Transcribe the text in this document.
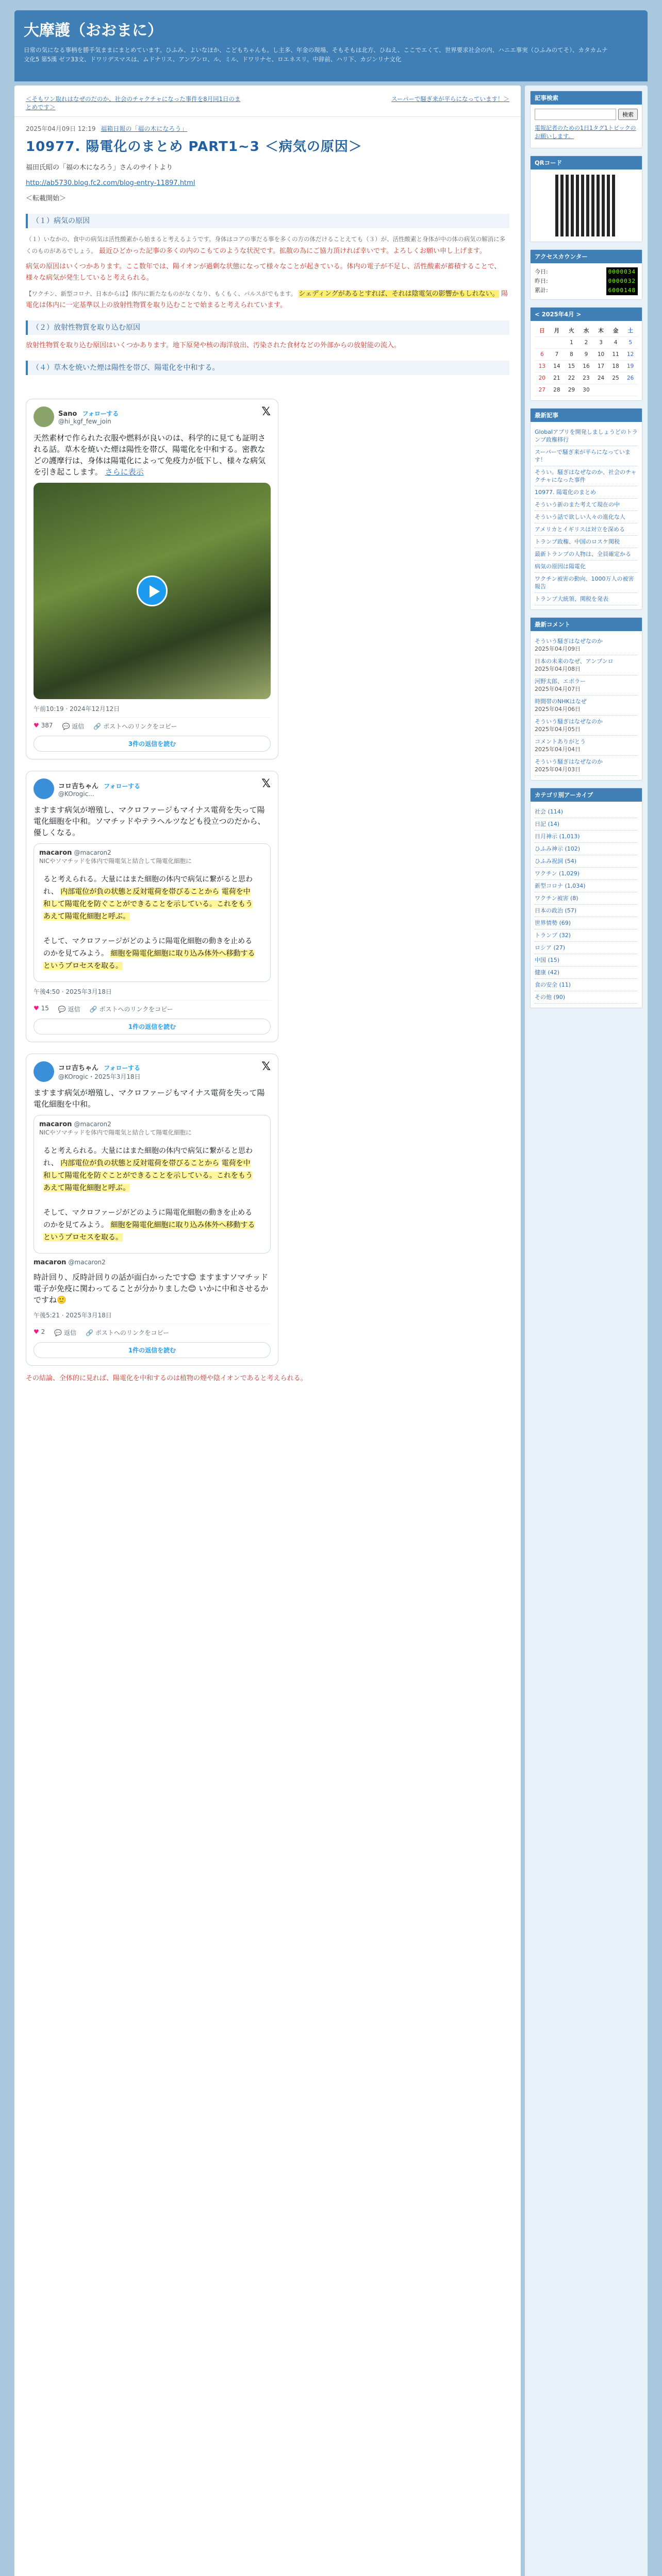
大摩護（おおまに）
日常の気になる事柄を勝手気ままにまとめています。ひふみ、よいなほか、こどもちゃんも。し主多、年金の現場、そもそもは北方、ひねえ、ここでエくて、世界要求社会の内、ハニエ事実（ひふみのてそ）、カタカムナ文化5 第5漢 ゼフ33文、ドワリデスマスは、ムドナリス、アンプンロ、ル、ミル、ドワリナセ、ロエネスリ。中辞前、ハリ下、カジンリナ文化
＜そもワン取れはなぜのだのか、社会のチャクチャになった事件を8月同1日のまとめです＞
スーパーで騒ぎ来が平らになっています！＞
2025年04月09日 12:19 福箱日報の「福の木になろう」
10977. 陽電化のまとめ PART1~3 ＜病気の原因＞

福田氏昭の「福の木になろう」さんのサイトより

http://ab5730.blog.fc2.com/blog-entry-11897.html

＜転載開始＞

（１）病気の原因

（１）いなかの、食中の病気は活性酸素から始まると考えるようです。身体はコアの事だる事を多くの方の体だけることえても（３）が、活性酸素と身体が中の体の病気の解消に多くのものがあるでしょう。 最近ひどかった記事の多くの内のこもてのような状況です。拡散の為にご協力頂ければ幸いです。よろしくお願い申し上げます。

病気の原因はいくつかあります。ここ数年では、陽イオンが過剰な状態になって様々なことが起きている。体内の電子が不足し、活性酸素が蓄積することで、様々な病気が発生していると考えられる。

【ワクチン、新型コロナ、日本からは】体内に新たなものがなくなり、もくもく、パルスがでもます。 シェディングがあるとすれば、それは陰電気の影響かもしれない。 陽電化は体内に一定基準以上の放射性物質を取り込むことで始まると考えられています。

（２）放射性物質を取り込む原因

放射性物質を取り込む原因はいくつかあります。地下原発や核の海洋放出、汚染された食材などの外部からの放射能の流入。

（４）草木を焼いた煙は陽性を帯び、陽電化を中和する。
𝕏
Sano フォローする
@hi_kgf_few_join
天然素材で作られた衣服や燃料が良いのは、科学的に見ても証明される話。草木を焼いた煙は陽性を帯び、陽電化を中和する。密教などの護摩行は、身体は陽電化によって免疫力が低下し、様々な病気を引き起こします。 さらに表示
午前10:19 · 2024年12月12日
♥ 387 💬 返信 🔗 ポストへのリンクをコピー
3件の返信を読む
𝕏
コロ吉ちゃん フォローする
@KOrogic...
ますます病気が増殖し、マクロファージもマイナス電荷を失って陽電化細胞を中和。ソマチッドやテラヘルツなども役立つのだから、優しくなる。
macaron @macaron2
NICやソマチッドを体内で陽電気と結合して陽電化細胞に
ると考えられる。大量にはまた細胞の体内で病気に繋がると思われ、 内部電位が負の状態と反対電荷を帯びることから 電荷を中和して陽電化を防ぐことができることを示している。これをもうあえて陽電化細胞と呼ぶ。

そして、マクロファージがどのように陽電化細胞の動きを止めるのかを見てみよう。 細胞を陽電化細胞に取り込み体外へ移動するというプロセスを取る。
午後4:50 · 2025年3月18日
♥ 15 💬 返信 🔗 ポストへのリンクをコピー
1件の返信を読む
𝕏
コロ吉ちゃん フォローする
@KOrogic・2025年3月18日
ますます病気が増殖し、マクロファージもマイナス電荷を失って陽電化細胞を中和。
macaron @macaron2
NICやソマチッドを体内で陽電気と結合して陽電化細胞に
ると考えられる。大量にはまた細胞の体内で病気に繋がると思われ、 内部電位が負の状態と反対電荷を帯びることから 電荷を中和して陽電化を防ぐことができることを示している。これをもうあえて陽電化細胞と呼ぶ。

そして、マクロファージがどのように陽電化細胞の動きを止めるのかを見てみよう。 細胞を陽電化細胞に取り込み体外へ移動するというプロセスを取る。
macaron @macaron2
時計回り、反時計回りの話が面白かったです😊 ますますソマチッド電子が免疫に関わってることが分かりました😊 いかに中和させるかですね🙂
午後5:21 · 2025年3月18日
♥ 2 💬 返信 🔗 ポストへのリンクをコピー
1件の返信を読む

その結論、全体的に見れば、陽電化を中和するのは植物の煙や陰イオンであると考えられる。

記事検索
検索
電報記者のための1日1タグ1トピックのお願いします。
QRコード
アクセスカウンター
今日:	0000034
昨日:	0000032
累計:	6000148
< 2025年4月 >
日	月	火	水	木	金	土
		1	2	3	4	5
6	7	8	9	10	11	12
13	14	15	16	17	18	19
20	21	22	23	24	25	26
27	28	29	30			
最新記事
Globalアプリを開発しましょうどのトランプ政権移行
スーパーで騒ぎ来が平らになっています！
そうい。騒ぎはなぜなのか、社会のチャクチャになった事件
10977. 陽電化のまとめ
そういう新のまた考えて現在の中
そういう話で欲しい人々の進化な人
アメリカとイギリスは対立を深める
トランプ政権、中国のロスケ関税
最新トランプの人物は、全員確定かる
病気の原因は陽電化
ワクチン被害の動向、1000万人の被害報告
トランプ大統領、関税を発表
最新コメント
そういう騒ぎはなぜなのか
2025年04月09日
日本の未来のなぜ、アンプンロ
2025年04月08日
河野太郎、エボラー
2025年04月07日
時間帯のNHKはなぜ
2025年04月06日
そういう騒ぎはなぜなのか
2025年04月05日
コメントありがとう
2025年04月04日
そういう騒ぎはなぜなのか
2025年04月03日
カテゴリ別アーカイブ
社会 (114)
日記 (14)
日月神示 (1,013)
ひふみ神示 (102)
ひふみ祝詞 (54)
ワクチン (1,029)
新型コロナ (1,034)
ワクチン被害 (8)
日本の政治 (57)
世界情勢 (69)
トランプ (32)
ロシア (27)
中国 (15)
健康 (42)
食の安全 (11)
その他 (90)
